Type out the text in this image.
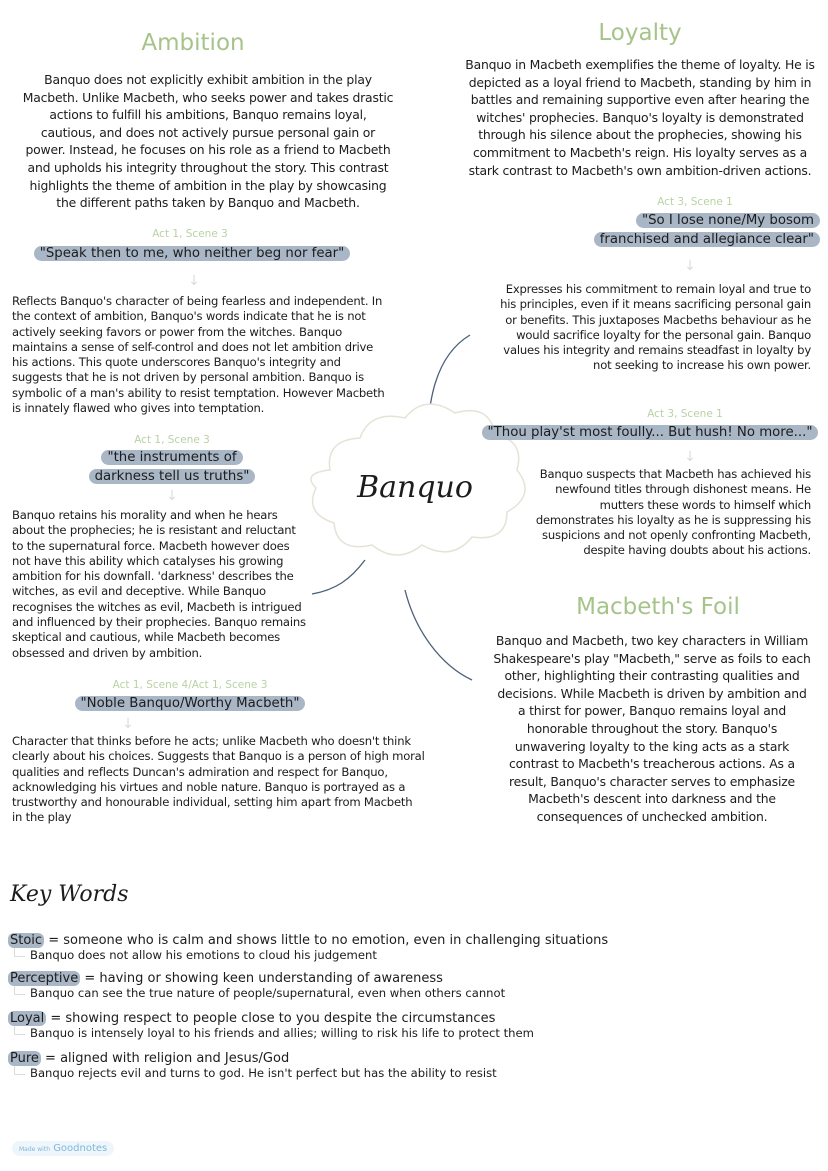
Banquo
Ambition
Banquo does not explicitly exhibit ambition in the play
Macbeth. Unlike Macbeth, who seeks power and takes drastic
actions to fulfill his ambitions, Banquo remains loyal,
cautious, and does not actively pursue personal gain or
power. Instead, he focuses on his role as a friend to Macbeth
and upholds his integrity throughout the story. This contrast
highlights the theme of ambition in the play by showcasing
the different paths taken by Banquo and Macbeth.
Act 1, Scene 3
"Speak then to me, who neither beg nor fear"
↓
Reflects Banquo's character of being fearless and independent. In
the context of ambition, Banquo's words indicate that he is not
actively seeking favors or power from the witches. Banquo
maintains a sense of self-control and does not let ambition drive
his actions. This quote underscores Banquo's integrity and
suggests that he is not driven by personal ambition. Banquo is
symbolic of a man's ability to resist temptation. However Macbeth
is innately flawed who gives into temptation.
Act 1, Scene 3
"the instruments of
darkness tell us truths"
↓
Banquo retains his morality and when he hears
about the prophecies; he is resistant and reluctant
to the supernatural force. Macbeth however does
not have this ability which catalyses his growing
ambition for his downfall. 'darkness' describes the
witches, as evil and deceptive. While Banquo
recognises the witches as evil, Macbeth is intrigued
and influenced by their prophecies. Banquo remains
skeptical and cautious, while Macbeth becomes
obsessed and driven by ambition.
Act 1, Scene 4/Act 1, Scene 3
"Noble Banquo/Worthy Macbeth"
↓
Character that thinks before he acts; unlike Macbeth who doesn't think
clearly about his choices. Suggests that Banquo is a person of high moral
qualities and reflects Duncan's admiration and respect for Banquo,
acknowledging his virtues and noble nature. Banquo is portrayed as a
trustworthy and honourable individual, setting him apart from Macbeth
in the play
Loyalty
Banquo in Macbeth exemplifies the theme of loyalty. He is
depicted as a loyal friend to Macbeth, standing by him in
battles and remaining supportive even after hearing the
witches' prophecies. Banquo's loyalty is demonstrated
through his silence about the prophecies, showing his
commitment to Macbeth's reign. His loyalty serves as a
stark contrast to Macbeth's own ambition-driven actions.
Act 3, Scene 1
"So I lose none/My bosom
franchised and allegiance clear"
↓
Expresses his commitment to remain loyal and true to
his principles, even if it means sacrificing personal gain
or benefits. This juxtaposes Macbeths behaviour as he
would sacrifice loyalty for the personal gain. Banquo
values his integrity and remains steadfast in loyalty by
not seeking to increase his own power.
Act 3, Scene 1
"Thou play'st most foully... But hush! No more..."
↓
Banquo suspects that Macbeth has achieved his
newfound titles through dishonest means. He
mutters these words to himself which
demonstrates his loyalty as he is suppressing his
suspicions and not openly confronting Macbeth,
despite having doubts about his actions.
Macbeth's Foil
Banquo and Macbeth, two key characters in William
Shakespeare's play "Macbeth," serve as foils to each
other, highlighting their contrasting qualities and
decisions. While Macbeth is driven by ambition and
a thirst for power, Banquo remains loyal and
honorable throughout the story. Banquo's
unwavering loyalty to the king acts as a stark
contrast to Macbeth's treacherous actions. As a
result, Banquo's character serves to emphasize
Macbeth's descent into darkness and the
consequences of unchecked ambition.
Key Words
Stoic = someone who is calm and shows little to no emotion, even in challenging situations
Banquo does not allow his emotions to cloud his judgement
Perceptive = having or showing keen understanding of awareness
Banquo can see the true nature of people/supernatural, even when others cannot
Loyal = showing respect to people close to you despite the circumstances
Banquo is intensely loyal to his friends and allies; willing to risk his life to protect them
Pure = aligned with religion and Jesus/God
Banquo rejects evil and turns to god. He isn't perfect but has the ability to resist
Made with Goodnotes
